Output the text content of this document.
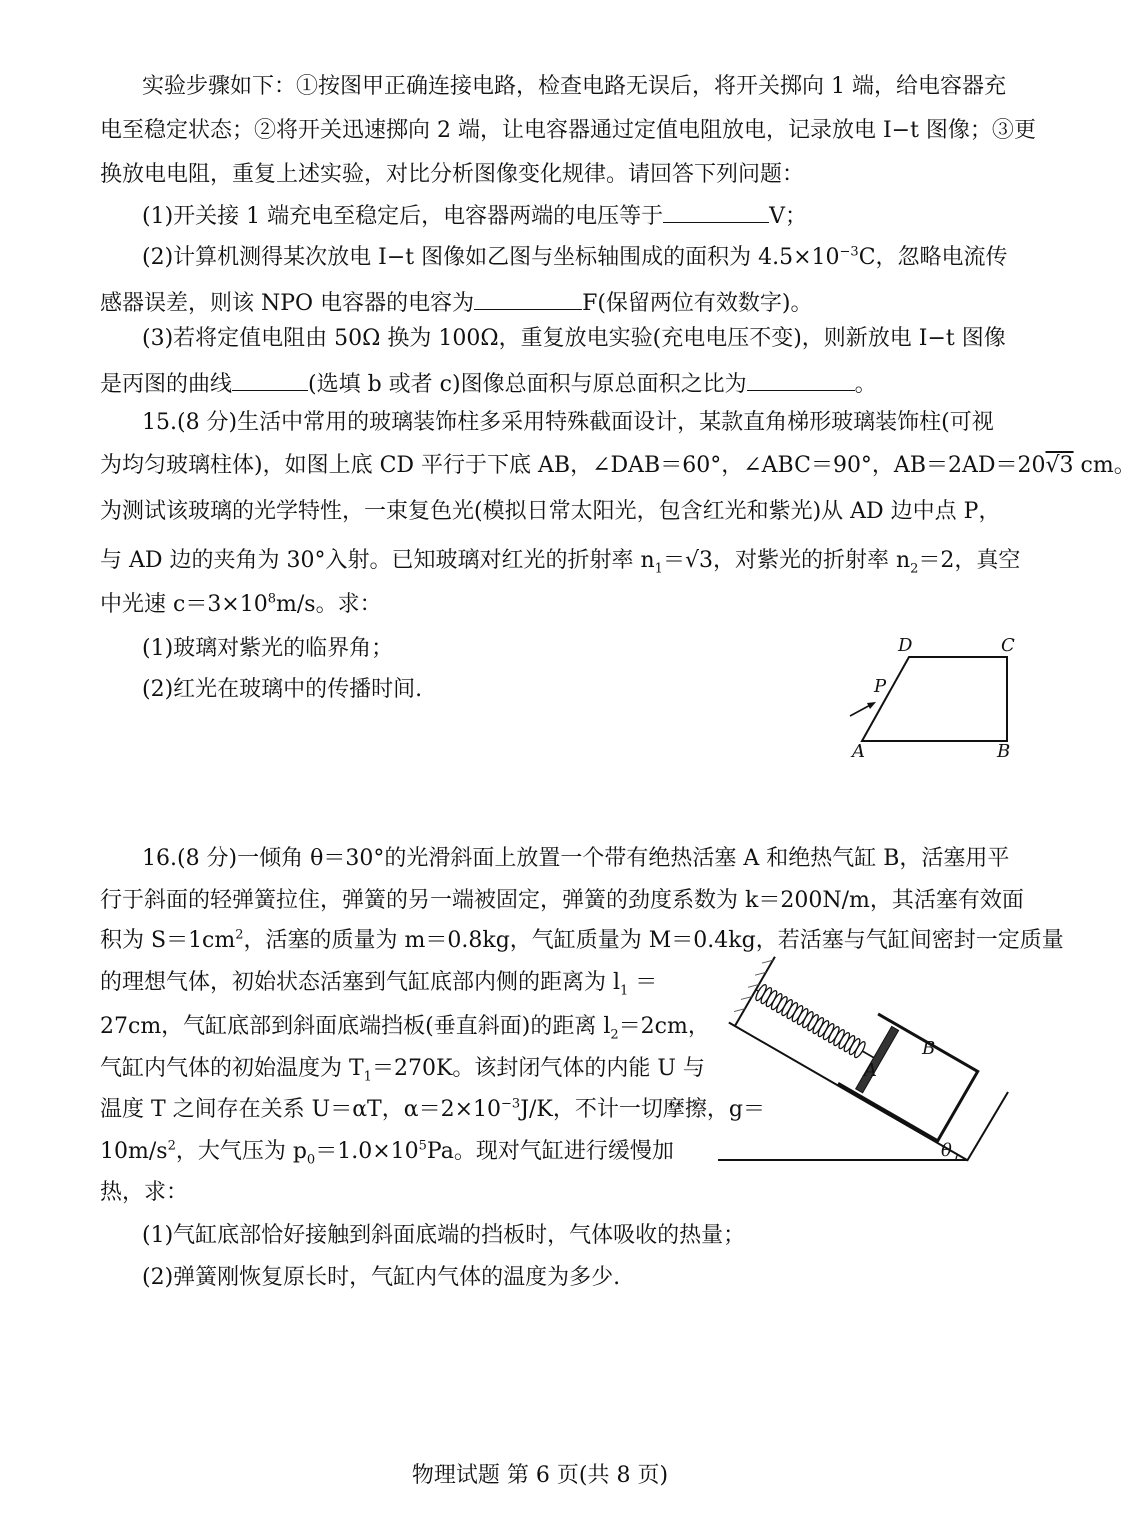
实验步骤如下：①按图甲正确连接电路，检查电路无误后，将开关掷向 1 端，给电容器充
电至稳定状态；②将开关迅速掷向 2 端，让电容器通过定值电阻放电，记录放电 I−t 图像；③更
换放电电阻，重复上述实验，对比分析图像变化规律。请回答下列问题：
(1)开关接 1 端充电至稳定后，电容器两端的电压等于	V；
(2)计算机测得某次放电 I−t 图像如乙图与坐标轴围成的面积为 $4.5\times 10^{-3}C$，忽略电流传
感器误差，则该 NPO 电容器的电容为	F(保留两位有效数字)。
(3)若将定值电阻由 50Ω 换为 100Ω，重复放电实验(充电电压不变)，则新放电 I−t 图像
是丙图的曲线	(选填 b 或者 c)图像总面积与原总面积之比为	。
15.(8 分)生活中常用的玻璃装饰柱多采用特殊截面设计，某款直角梯形玻璃装饰柱(可视
为均匀玻璃柱体)，如图上底 CD 平行于下底 AB，∠DAB＝60°，∠ABC＝90°，AB＝2AD＝20√3 cm。
为测试该玻璃的光学特性，一束复色光(模拟日常太阳光，包含红光和紫光)从 AD 边中点 P，
与 AD 边的夹角为 30°入射。已知玻璃对红光的折射率 $n_1=√3$，对紫光的折射率 $n_2=2$，真空
中光速 $c=3\times 10^8m/s$。求：
(1)玻璃对紫光的临界角；
(2)红光在玻璃中的传播时间.
D	C
P
A	B
16.(8 分)一倾角 θ＝30°的光滑斜面上放置一个带有绝热活塞 A 和绝热气缸 B，活塞用平
行于斜面的轻弹簧拉住，弹簧的另一端被固定，弹簧的劲度系数为 k＝200N/m，其活塞有效面
积为 $S=1cm^2$，活塞的质量为 m＝0.8kg，气缸质量为 M＝0.4kg，若活塞与气缸间密封一定质量
的理想气体，初始状态活塞到气缸底部内侧的距离为 $l_1$ ＝
27cm，气缸底部到斜面底端挡板(垂直斜面)的距离 $l_2=2cm$，
气缸内气体的初始温度为 $T_1=270K$。该封闭气体的内能 U 与
温度 T 之间存在关系 U＝αT，$\alpha=2\times 10^{-3}J/K$，不计一切摩擦，g＝
$10m/s^2$，大气压为 $p_0=1.0\times 10^5Pa$。现对气缸进行缓慢加
热，求：
(1)气缸底部恰好接触到斜面底端的挡板时，气体吸收的热量；
(2)弹簧刚恢复原长时，气缸内气体的温度为多少.
A
B
θ
物理试题 第 6 页(共 8 页)
